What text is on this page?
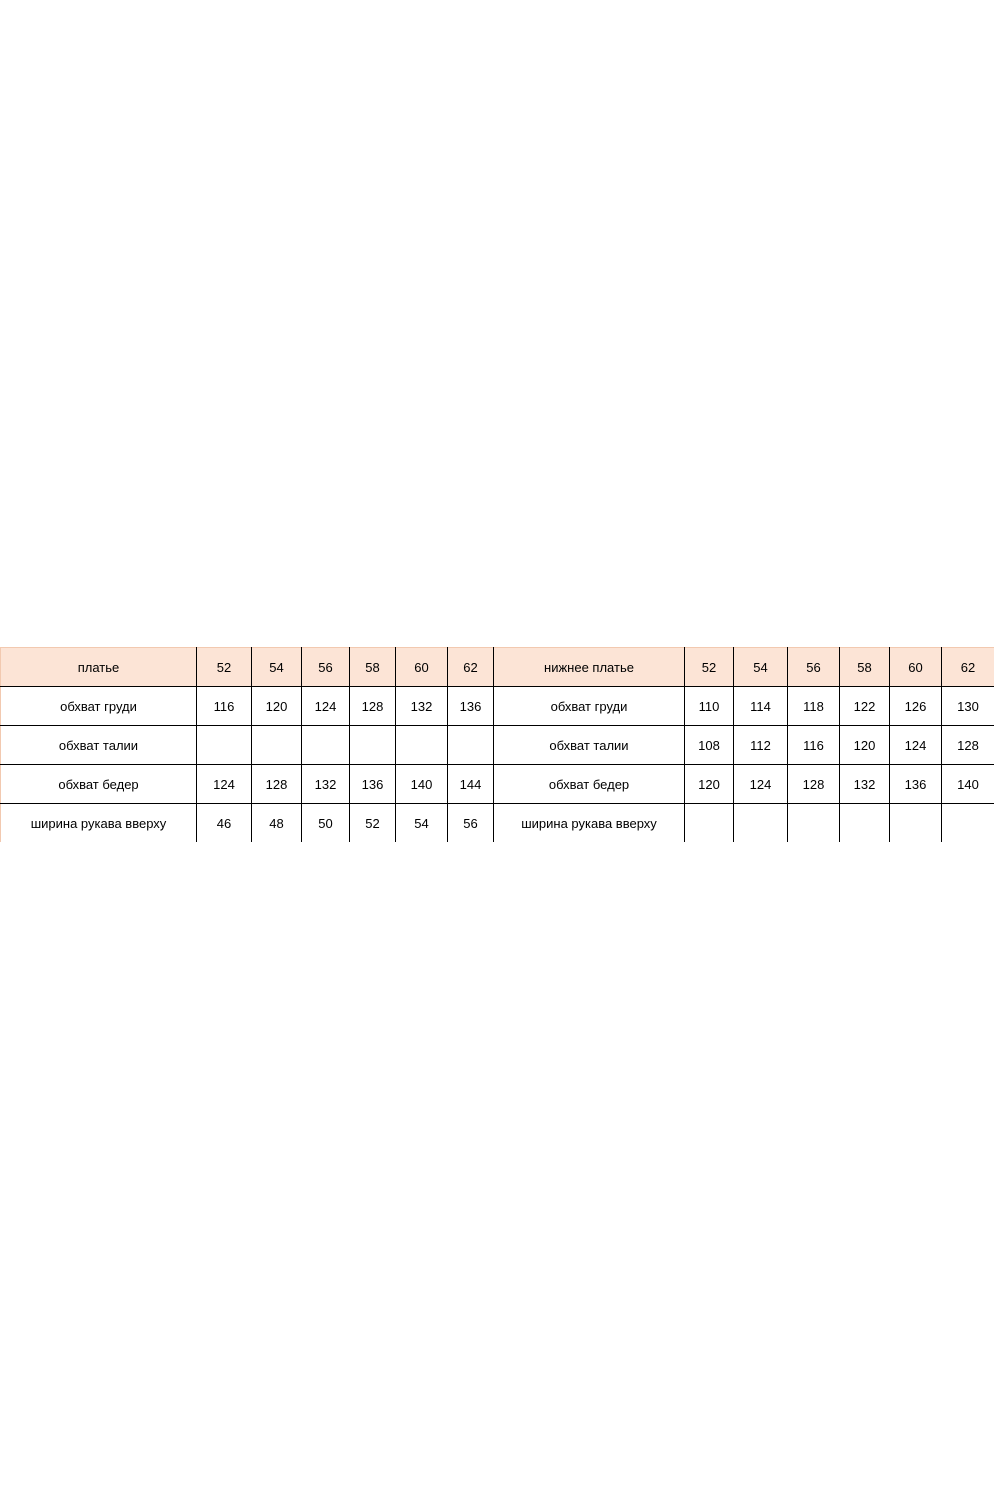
платье	52	54	56	58	60	62	нижнее платье	52	54	56	58	60	62
обхват груди	116	120	124	128	132	136	обхват груди	110	114	118	122	126	130
обхват талии							обхват талии	108	112	116	120	124	128
обхват бедер	124	128	132	136	140	144	обхват бедер	120	124	128	132	136	140
ширина рукава вверху	46	48	50	52	54	56	ширина рукава вверху						
